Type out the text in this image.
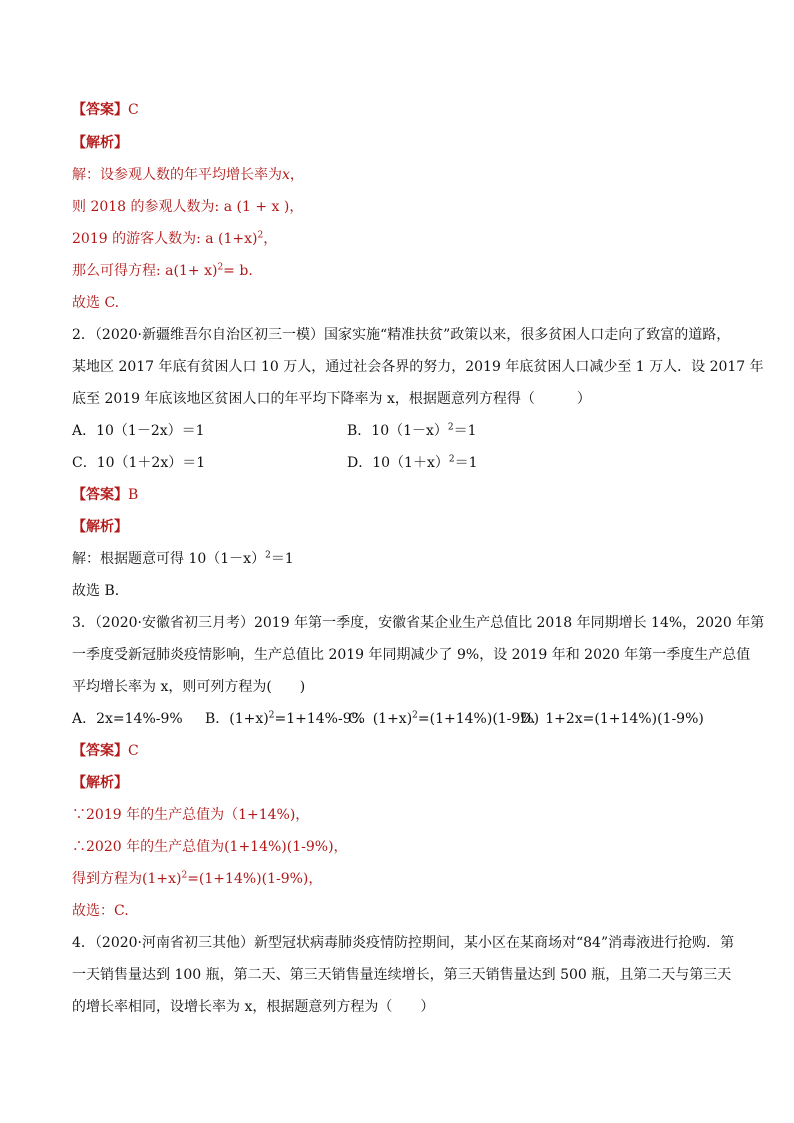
【答案】C
【解析】
解：设参观人数的年平均增长率为x，
则 2018 的参观人数为: a (1 + x )，
2019 的游客人数为: a $(1+x)^2$，
那么可得方程: $a(1+ x)^2= b$.
故选 C.
2．（2020·新疆维吾尔自治区初三一模）国家实施“精准扶贫”政策以来，很多贫困人口走向了致富的道路，
某地区 2017 年底有贫困人口 10 万人，通过社会各界的努力，2019 年底贫困人口减少至 1 万人．设 2017 年
底至 2019 年底该地区贫困人口的年平均下降率为 x，根据题意列方程得（　　　）
A．10（1－2x）＝1	B．$10(1-x)^2=1$
C．10（1＋2x）＝1	D．$10(1+x)^2=1$
【答案】B
【解析】
解：根据题意可得 $10(1-x)^2=1$
故选 B．
3．（2020·安徽省初三月考）2019 年第一季度，安徽省某企业生产总值比 2018 年同期增长 14%，2020 年第
一季度受新冠肺炎疫情影响，生产总值比 2019 年同期减少了 9%，设 2019 年和 2020 年第一季度生产总值
平均增长率为 x，则可列方程为(　　)
A．2x=14%-9% B．$(1+x)^2=1+14\%-9\%$
C．$(1+x)^2=(1+14\%)(1-9\%)$
D．1+2x=(1+14%)(1-9%)
【答案】C
【解析】
∵2019 年的生产总值为（1+14%)，
∴2020 年的生产总值为(1+14%)(1-9%)，
得到方程为$(1+x)^2=(1+14\%)(1-9\%)$，
故选：C.
4．（2020·河南省初三其他）新型冠状病毒肺炎疫情防控期间，某小区在某商场对“84”消毒液进行抢购．第
一天销售量达到 100 瓶，第二天、第三天销售量连续增长，第三天销售量达到 500 瓶，且第二天与第三天
的增长率相同，设增长率为 x，根据题意列方程为（　　）
